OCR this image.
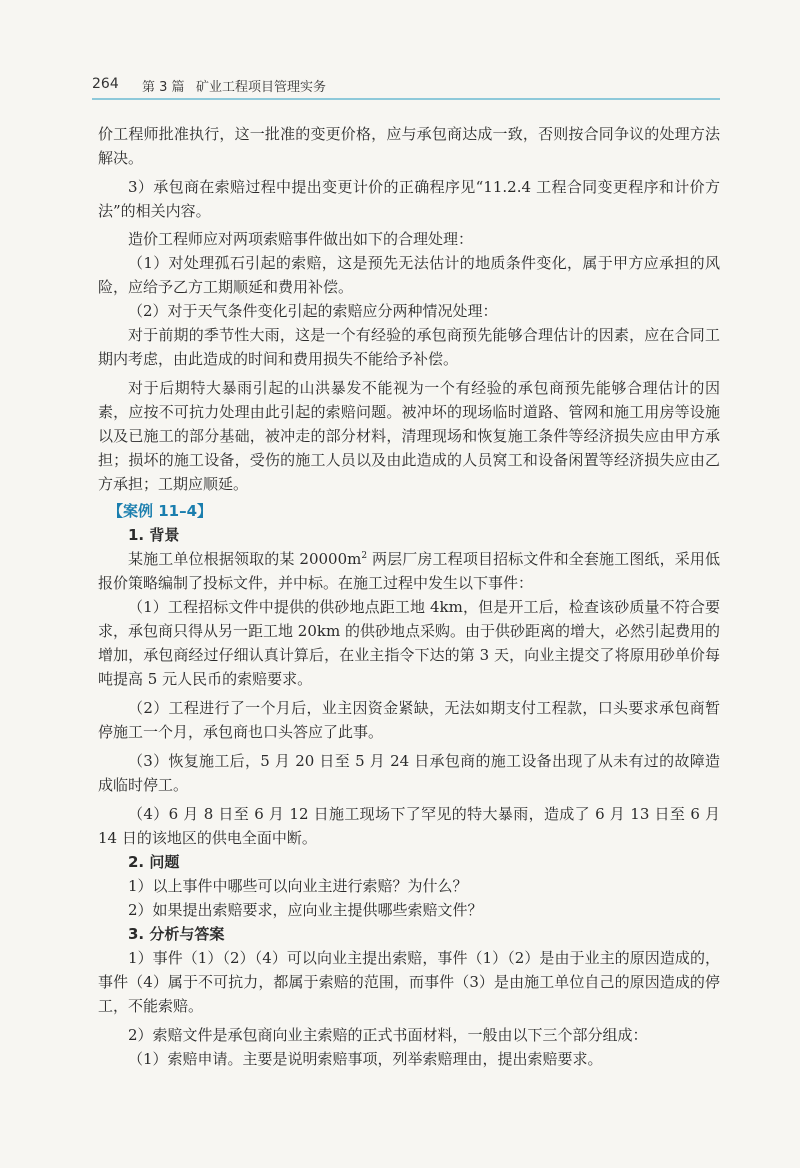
264 第 3 篇 矿业工程项目管理实务

价工程师批准执行，这一批准的变更价格，应与承包商达成一致，否则按合同争议的处理方法解决。

3）承包商在索赔过程中提出变更计价的正确程序见“11.2.4 工程合同变更程序和计价方法”的相关内容。

造价工程师应对两项索赔事件做出如下的合理处理：

（1）对处理孤石引起的索赔，这是预先无法估计的地质条件变化，属于甲方应承担的风险，应给予乙方工期顺延和费用补偿。

（2）对于天气条件变化引起的索赔应分两种情况处理：

对于前期的季节性大雨，这是一个有经验的承包商预先能够合理估计的因素，应在合同工期内考虑，由此造成的时间和费用损失不能给予补偿。

对于后期特大暴雨引起的山洪暴发不能视为一个有经验的承包商预先能够合理估计的因素，应按不可抗力处理由此引起的索赔问题。被冲坏的现场临时道路、管网和施工用房等设施以及已施工的部分基础，被冲走的部分材料，清理现场和恢复施工条件等经济损失应由甲方承担；损坏的施工设备，受伤的施工人员以及由此造成的人员窝工和设备闲置等经济损失应由乙方承担；工期应顺延。

【案例 11–4】

1. 背景

某施工单位根据领取的某 $20000m^2$ 两层厂房工程项目招标文件和全套施工图纸，采用低报价策略编制了投标文件，并中标。在施工过程中发生以下事件：

（1）工程招标文件中提供的供砂地点距工地 4km，但是开工后，检查该砂质量不符合要求，承包商只得从另一距工地 20km 的供砂地点采购。由于供砂距离的增大，必然引起费用的增加，承包商经过仔细认真计算后，在业主指令下达的第 3 天，向业主提交了将原用砂单价每吨提高 5 元人民币的索赔要求。

（2）工程进行了一个月后，业主因资金紧缺，无法如期支付工程款，口头要求承包商暂停施工一个月，承包商也口头答应了此事。

（3）恢复施工后，5 月 20 日至 5 月 24 日承包商的施工设备出现了从未有过的故障造成临时停工。

（4）6 月 8 日至 6 月 12 日施工现场下了罕见的特大暴雨，造成了 6 月 13 日至 6 月 14 日的该地区的供电全面中断。

2. 问题

1）以上事件中哪些可以向业主进行索赔？为什么？

2）如果提出索赔要求，应向业主提供哪些索赔文件？

3. 分析与答案

1）事件（1）（2）（4）可以向业主提出索赔，事件（1）（2）是由于业主的原因造成的，事件（4）属于不可抗力，都属于索赔的范围，而事件（3）是由施工单位自己的原因造成的停工，不能索赔。

2）索赔文件是承包商向业主索赔的正式书面材料，一般由以下三个部分组成：

（1）索赔申请。主要是说明索赔事项，列举索赔理由，提出索赔要求。
